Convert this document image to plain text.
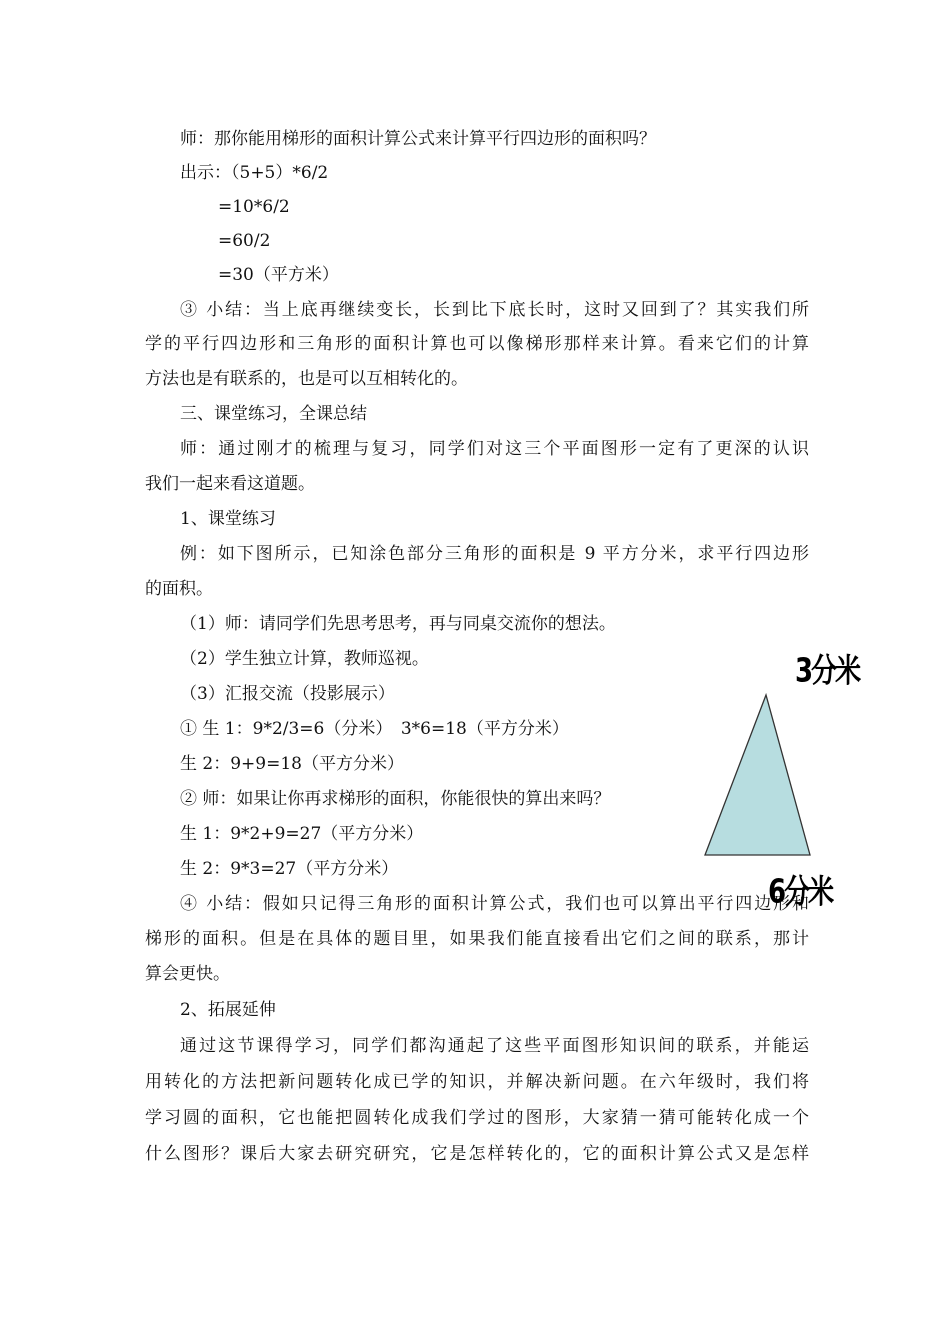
师：那你能用梯形的面积计算公式来计算平行四边形的面积吗？
出示：（5+5）*6/2
=10*6/2
=60/2
=30（平方米）
③ 小结：当上底再继续变长，长到比下底长时，这时又回到了？其实我们所
学的平行四边形和三角形的面积计算也可以像梯形那样来计算。看来它们的计算
方法也是有联系的，也是可以互相转化的。
三、课堂练习，全课总结
师：通过刚才的梳理与复习，同学们对这三个平面图形一定有了更深的认识
我们一起来看这道题。
1、课堂练习
例：如下图所示，已知涂色部分三角形的面积是 9 平方分米，求平行四边形
的面积。
（1）师：请同学们先思考思考，再与同桌交流你的想法。
（2）学生独立计算，教师巡视。
（3）汇报交流（投影展示）
① 生 1：9*2/3=6（分米）　3*6=18（平方分米）
生 2：9+9=18（平方分米）
② 师：如果让你再求梯形的面积，你能很快的算出来吗？
生 1：9*2+9=27（平方分米）
生 2：9*3=27（平方分米）
④ 小结：假如只记得三角形的面积计算公式，我们也可以算出平行四边形和
梯形的面积。但是在具体的题目里，如果我们能直接看出它们之间的联系，那计
算会更快。
2、拓展延伸
通过这节课得学习，同学们都沟通起了这些平面图形知识间的联系，并能运
用转化的方法把新问题转化成已学的知识，并解决新问题。在六年级时，我们将
学习圆的面积，它也能把圆转化成我们学过的图形，大家猜一猜可能转化成一个
什么图形？课后大家去研究研究，它是怎样转化的，它的面积计算公式又是怎样
3分米
6分米
